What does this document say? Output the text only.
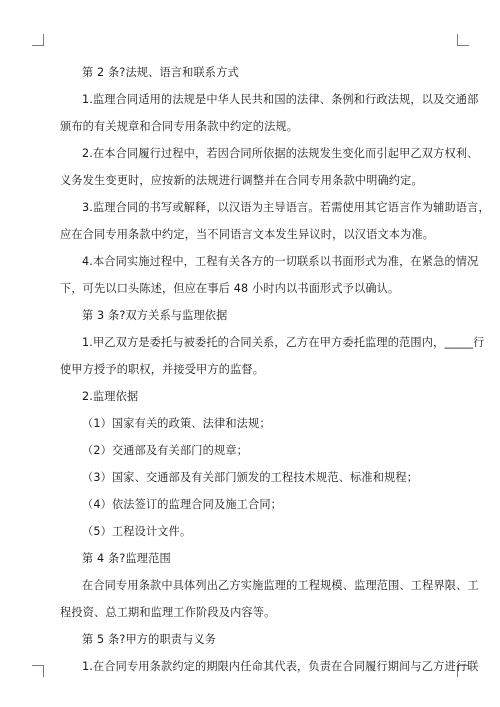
第 2 条?法规、语言和联系方式
1.监理合同适用的法规是中华人民共和国的法律、条例和行政法规，以及交通部
颁布的有关规章和合同专用条款中约定的法规。
2.在本合同履行过程中，若因合同所依据的法规发生变化而引起甲乙双方权利、
义务发生变更时，应按新的法规进行调整并在合同专用条款中明确约定。
3.监理合同的书写或解释，以汉语为主导语言。若需使用其它语言作为辅助语言，
应在合同专用条款中约定，当不同语言文本发生异议时，以汉语文本为准。
4.本合同实施过程中，工程有关各方的一切联系以书面形式为准，在紧急的情况
下，可先以口头陈述，但应在事后 48 小时内以书面形式予以确认。
第 3 条?双方关系与监理依据
1.甲乙双方是委托与被委托的合同关系，乙方在甲方委托监理的范围内，_____行
使甲方授予的职权，并接受甲方的监督。
2.监理依据
（1）国家有关的政策、法律和法规；
（2）交通部及有关部门的规章；
（3）国家、交通部及有关部门颁发的工程技术规范、标准和规程；
（4）依法签订的监理合同及施工合同；
（5）工程设计文件。
第 4 条?监理范围
在合同专用条款中具体列出乙方实施监理的工程规模、监理范围、工程界限、工
程投资、总工期和监理工作阶段及内容等。
第 5 条?甲方的职责与义务
1.在合同专用条款约定的期限内任命其代表，负责在合同履行期间与乙方进行联
